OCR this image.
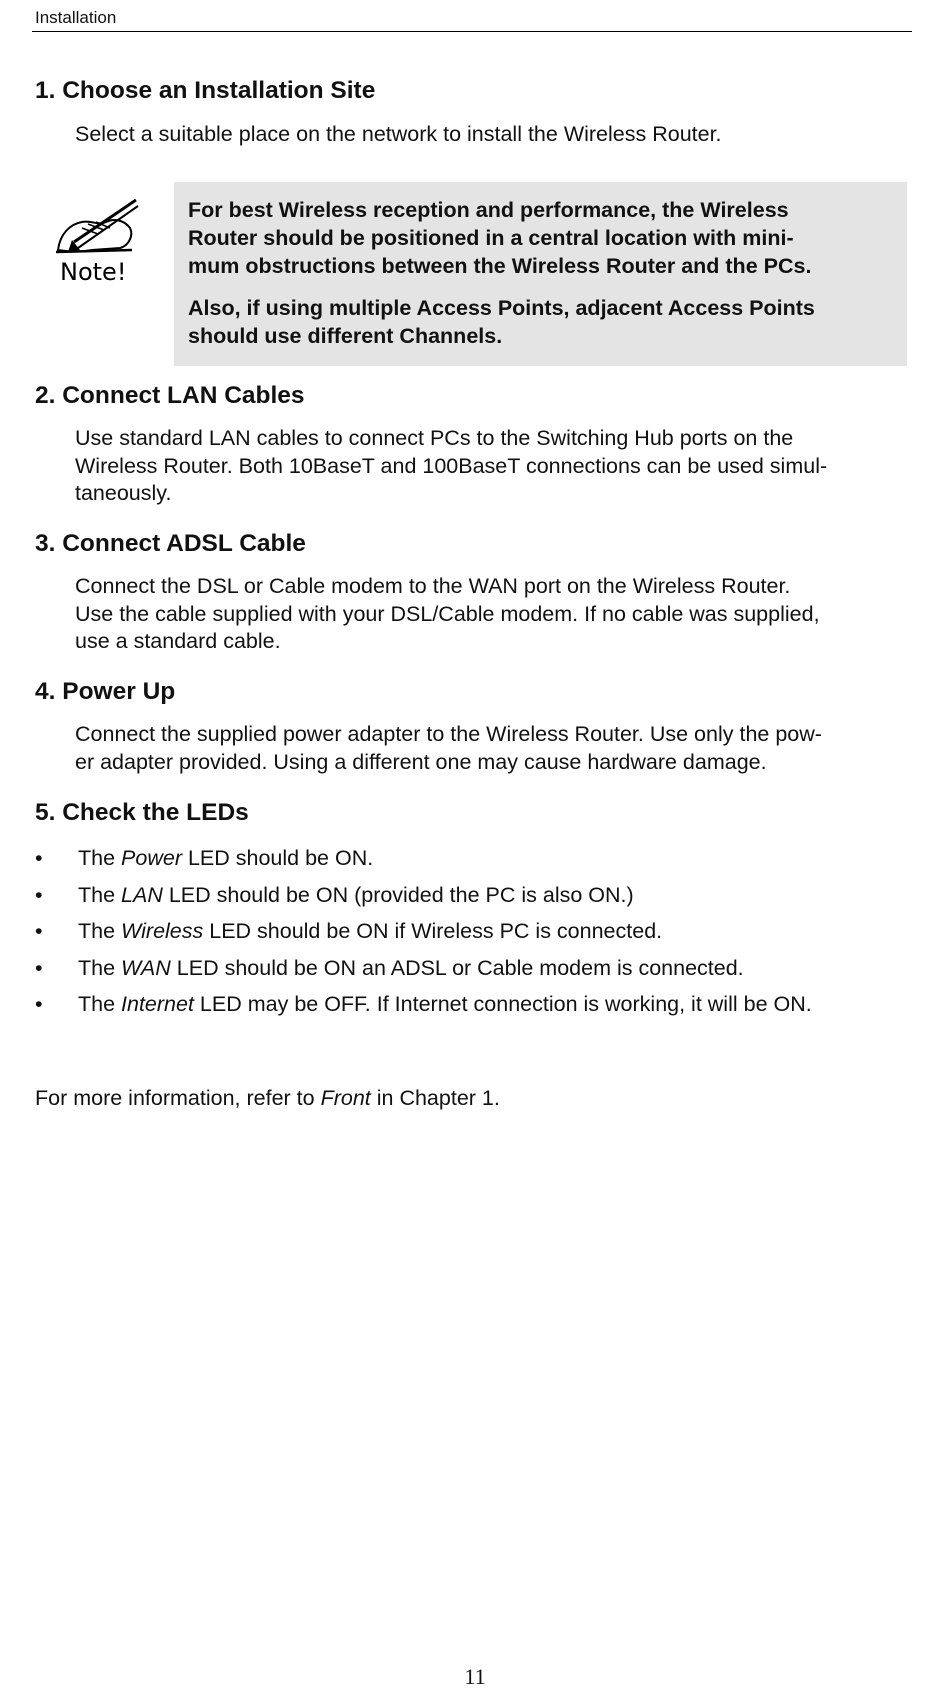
Installation
1. Choose an Installation Site
Select a suitable place on the network to install the Wireless Router.
Note!
For best Wireless reception and performance, the Wireless
Router should be positioned in a central location with mini-
mum obstructions between the Wireless Router and the PCs.
Also, if using multiple Access Points, adjacent Access Points
should use different Channels.
2. Connect LAN Cables
Use standard LAN cables to connect PCs to the Switching Hub ports on the
Wireless Router. Both 10BaseT and 100BaseT connections can be used simul-
taneously.
3. Connect ADSL Cable
Connect the DSL or Cable modem to the WAN port on the Wireless Router.
Use the cable supplied with your DSL/Cable modem. If no cable was supplied,
use a standard cable.
4. Power Up
Connect the supplied power adapter to the Wireless Router. Use only the pow-
er adapter provided. Using a different one may cause hardware damage.
5. Check the LEDs
• The Power LED should be ON.
• The LAN LED should be ON (provided the PC is also ON.)
• The Wireless LED should be ON if Wireless PC is connected.
• The WAN LED should be ON an ADSL or Cable modem is connected.
• The Internet LED may be OFF. If Internet connection is working, it will be ON.
For more information, refer to Front in Chapter 1.
11
